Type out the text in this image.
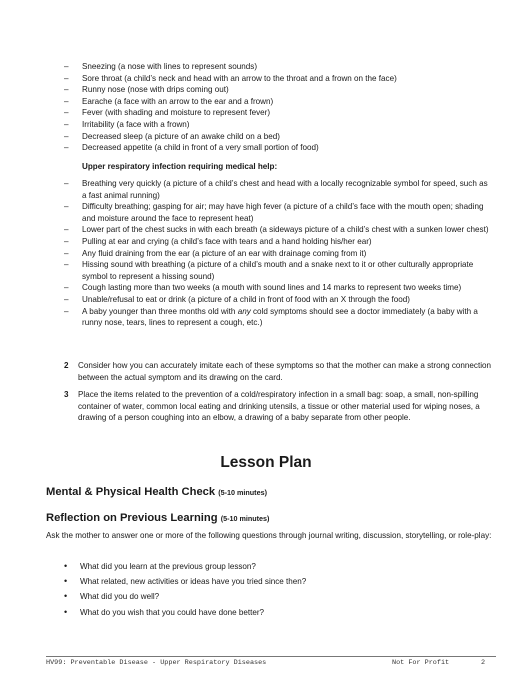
– Sneezing (a nose with lines to represent sounds)
– Sore throat (a child’s neck and head with an arrow to the throat and a frown on the face)
– Runny nose (nose with drips coming out)
– Earache (a face with an arrow to the ear and a frown)
– Fever (with shading and moisture to represent fever)
– Irritability (a face with a frown)
– Decreased sleep (a picture of an awake child on a bed)
– Decreased appetite (a child in front of a very small portion of food)
Upper respiratory infection requiring medical help:
– Breathing very quickly (a picture of a child’s chest and head with a locally recognizable symbol for speed, such as a fast animal running)
– Difficulty breathing; gasping for air; may have high fever (a picture of a child’s face with the mouth open; shading and moisture around the face to represent heat)
– Lower part of the chest sucks in with each breath (a sideways picture of a child’s chest with a sunken lower chest)
– Pulling at ear and crying (a child’s face with tears and a hand holding his/her ear)
– Any fluid draining from the ear (a picture of an ear with drainage coming from it)
– Hissing sound with breathing (a picture of a child’s mouth and a snake next to it or other culturally appropriate symbol to represent a hissing sound)
– Cough lasting more than two weeks (a mouth with sound lines and 14 marks to represent two weeks time)
– Unable/refusal to eat or drink (a picture of a child in front of food with an X through the food)
– A baby younger than three months old with any cold symptoms should see a doctor immediately (a baby with a runny nose, tears, lines to represent a cough, etc.)
2 Consider how you can accurately imitate each of these symptoms so that the mother can make a strong connection between the actual symptom and its drawing on the card.
3 Place the items related to the prevention of a cold/respiratory infection in a small bag: soap, a small, non-spilling container of water, common local eating and drinking utensils, a tissue or other material used for wiping noses, a drawing of a person coughing into an elbow, a drawing of a baby separate from other people.
Lesson Plan
Mental & Physical Health Check (5-10 minutes)
Reflection on Previous Learning (5-10 minutes)
Ask the mother to answer one or more of the following questions through journal writing, discussion, storytelling, or role-play:
• What did you learn at the previous group lesson?
• What related, new activities or ideas have you tried since then?
• What did you do well?
• What do you wish that you could have done better?
HV99: Preventable Disease - Upper Respiratory Diseases	Not For Profit	2
